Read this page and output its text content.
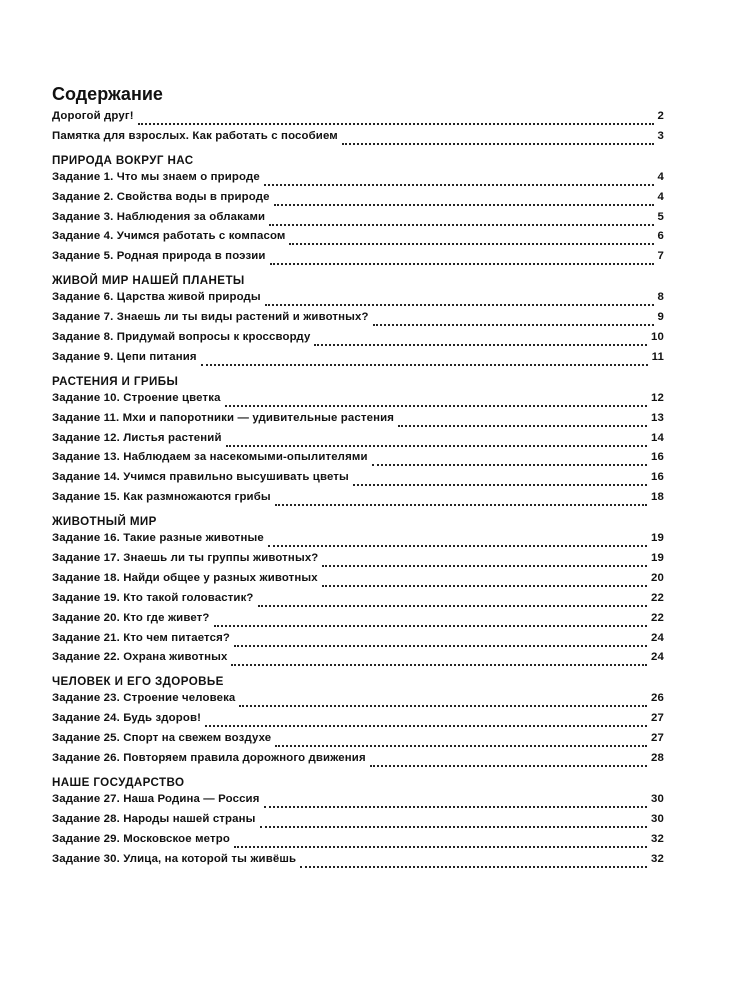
Содержание
Дорогой друг!	2
Памятка для взрослых. Как работать с пособием	3
ПРИРОДА ВОКРУГ НАС
Задание 1. Что мы знаем о природе	4
Задание 2. Свойства воды в природе	4
Задание 3. Наблюдения за облаками	5
Задание 4. Учимся работать с компасом	6
Задание 5. Родная природа в поэзии	7
ЖИВОЙ МИР НАШЕЙ ПЛАНЕТЫ
Задание 6. Царства живой природы	8
Задание 7. Знаешь ли ты виды растений и животных?	9
Задание 8. Придумай вопросы к кроссворду	10
Задание 9. Цепи питания	11
РАСТЕНИЯ И ГРИБЫ
Задание 10. Строение цветка	12
Задание 11. Мхи и папоротники — удивительные растения	13
Задание 12. Листья растений	14
Задание 13. Наблюдаем за насекомыми-опылителями	16
Задание 14. Учимся правильно высушивать цветы	16
Задание 15. Как размножаются грибы	18
ЖИВОТНЫЙ МИР
Задание 16. Такие разные животные	19
Задание 17. Знаешь ли ты группы животных?	19
Задание 18. Найди общее у разных животных	20
Задание 19. Кто такой головастик?	22
Задание 20. Кто где живет?	22
Задание 21. Кто чем питается?	24
Задание 22. Охрана животных	24
ЧЕЛОВЕК И ЕГО ЗДОРОВЬЕ
Задание 23. Строение человека	26
Задание 24. Будь здоров!	27
Задание 25. Спорт на свежем воздухе	27
Задание 26. Повторяем правила дорожного движения	28
НАШЕ ГОСУДАРСТВО
Задание 27. Наша Родина — Россия	30
Задание 28. Народы нашей страны	30
Задание 29. Московское метро	32
Задание 30. Улица, на которой ты живёшь	32
